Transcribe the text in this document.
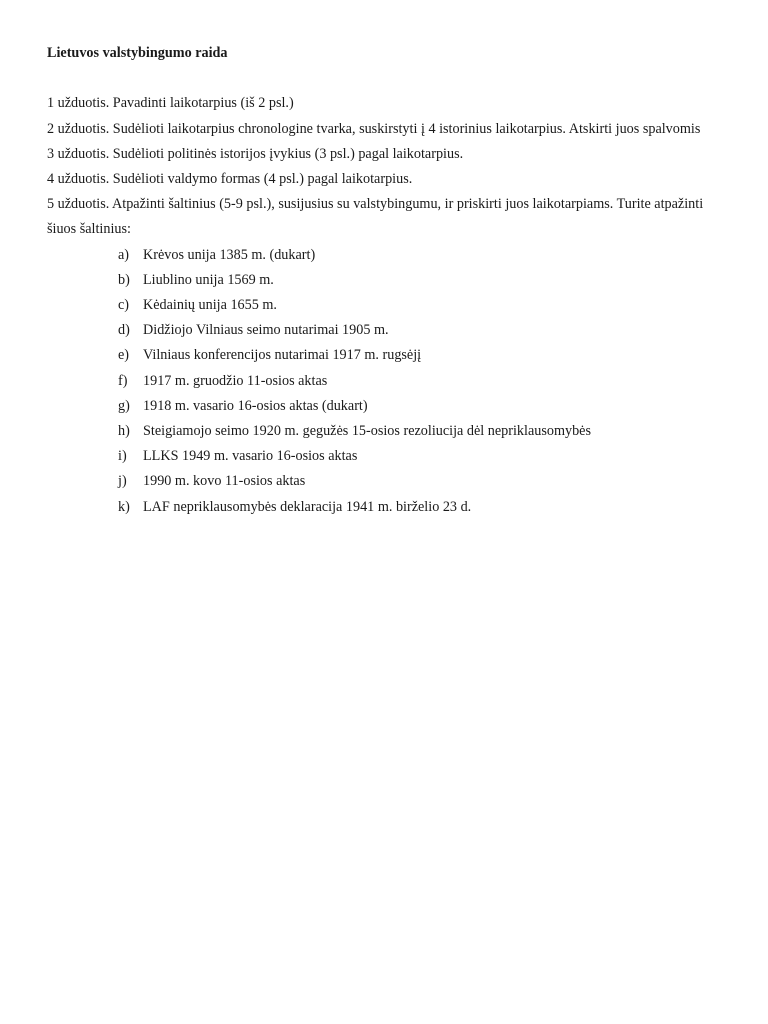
Lietuvos valstybingumo raida

1 užduotis. Pavadinti laikotarpius (iš 2 psl.)

2 užduotis. Sudėlioti laikotarpius chronologine tvarka, suskirstyti į 4 istorinius laikotarpius. Atskirti juos spalvomis

3 užduotis. Sudėlioti politinės istorijos įvykius (3 psl.) pagal laikotarpius.

4 užduotis. Sudėlioti valdymo formas (4 psl.) pagal laikotarpius.

5 užduotis. Atpažinti šaltinius (5-9 psl.), susijusius su valstybingumu, ir priskirti juos laikotarpiams. Turite atpažinti šiuos šaltinius:

a) Krėvos unija 1385 m. (dukart)
b) Liublino unija 1569 m.
c) Kėdainių unija 1655 m.
d) Didžiojo Vilniaus seimo nutarimai 1905 m.
e) Vilniaus konferencijos nutarimai 1917 m. rugsėjį
f)	1917 m. gruodžio 11-osios aktas
g) 1918 m. vasario 16-osios aktas (dukart)
h) Steigiamojo seimo 1920 m. gegužės 15-osios rezoliucija dėl nepriklausomybės
i)	LLKS 1949 m. vasario 16-osios aktas
j)	1990 m. kovo 11-osios aktas
k) LAF nepriklausomybės deklaracija 1941 m. birželio 23 d.
